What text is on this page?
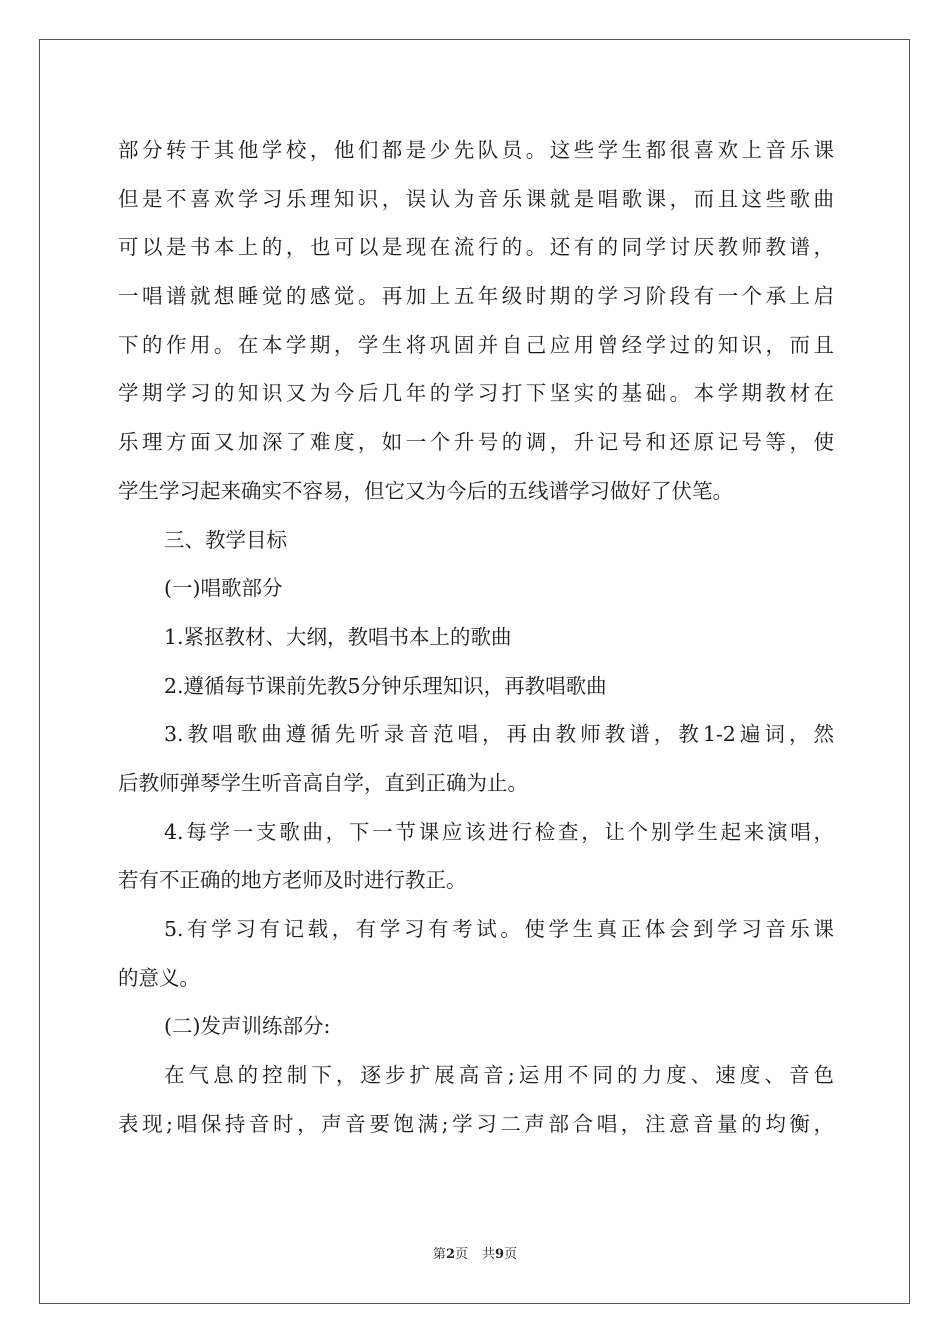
部分转于其他学校，他们都是少先队员。这些学生都很喜欢上音乐课
但是不喜欢学习乐理知识，误认为音乐课就是唱歌课，而且这些歌曲
可以是书本上的，也可以是现在流行的。还有的同学讨厌教师教谱，
一唱谱就想睡觉的感觉。再加上五年级时期的学习阶段有一个承上启
下的作用。在本学期，学生将巩固并自己应用曾经学过的知识，而且
学期学习的知识又为今后几年的学习打下坚实的基础。本学期教材在
乐理方面又加深了难度，如一个升号的调，升记号和还原记号等，使
学生学习起来确实不容易，但它又为今后的五线谱学习做好了伏笔。
三、教学目标
(一)唱歌部分
1.紧抠教材、大纲，教唱书本上的歌曲
2.遵循每节课前先教5分钟乐理知识，再教唱歌曲
3.教唱歌曲遵循先听录音范唱，再由教师教谱，教1-2遍词，然
后教师弹琴学生听音高自学，直到正确为止。
4.每学一支歌曲，下一节课应该进行检查，让个别学生起来演唱，
若有不正确的地方老师及时进行教正。
5.有学习有记载，有学习有考试。使学生真正体会到学习音乐课
的意义。
(二)发声训练部分:
在气息的控制下，逐步扩展高音;运用不同的力度、速度、音色
表现;唱保持音时，声音要饱满;学习二声部合唱，注意音量的均衡，
第2页 共9页
